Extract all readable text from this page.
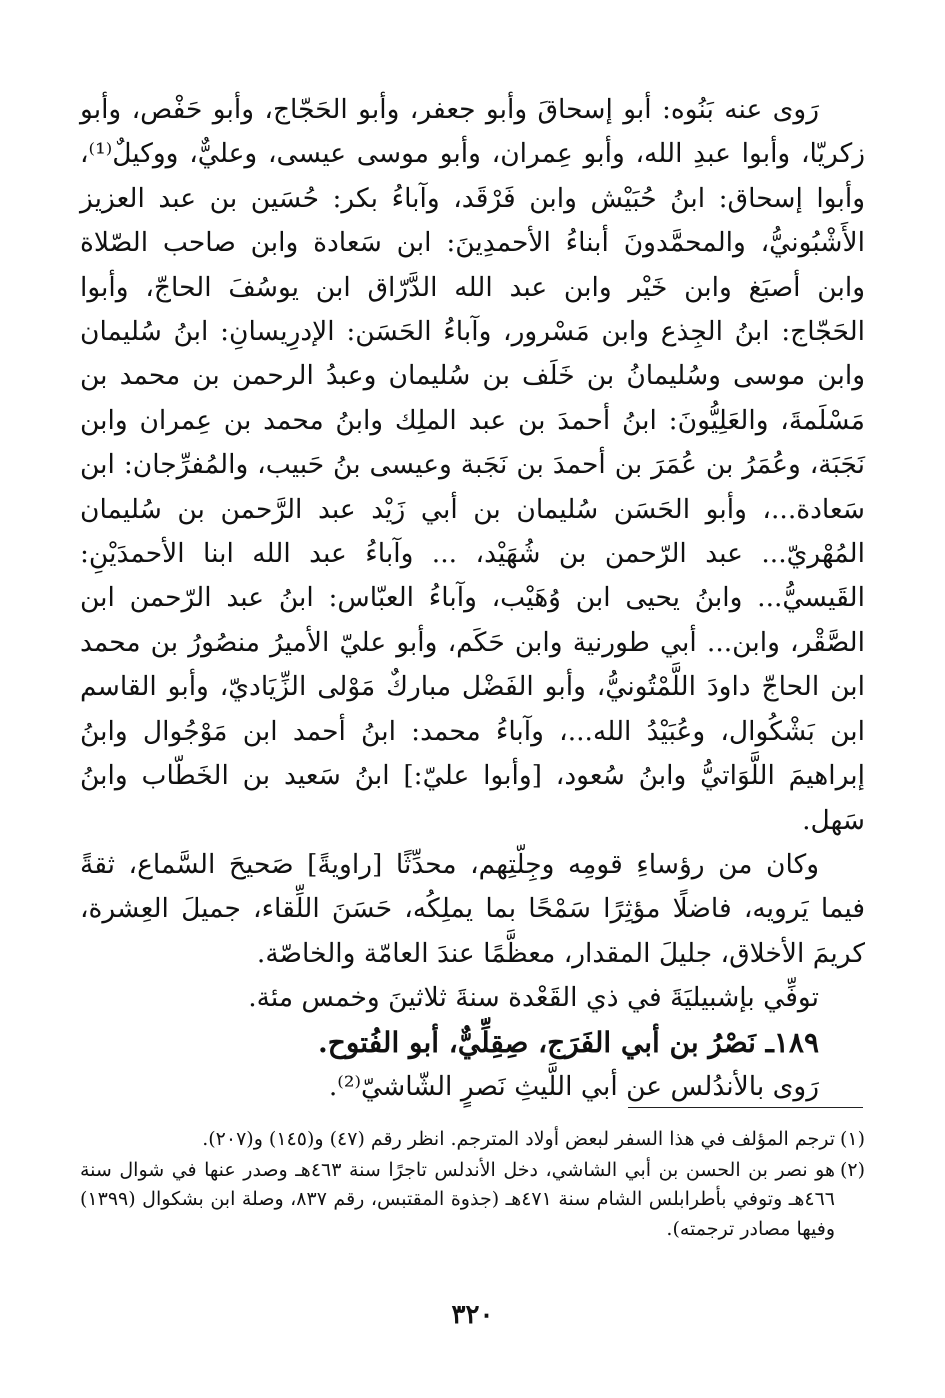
رَوى عنه بَنُوه: أبو إسحاقَ وأبو جعفر، وأبو الحَجّاج، وأبو حَفْص، وأبو زكريّا، وأبوا عبدِ الله، وأبو عِمران، وأبو موسى عيسى، وعليٌّ، ووكيلٌ⁽¹⁾، وأبوا إسحاق: ابنُ حُبَيْش وابن فَرْقَد، وآباءُ بكر: حُسَين بن عبد العزيز الأَشْبُونيُّ، والمحمَّدونَ أبناءُ الأحمدِينَ: ابن سَعادة وابن صاحب الصّلاة وابن أصبَغ وابن خَيْر وابن عبد الله الدَّرّاق ابن يوسُفَ الحاجّ، وأبوا الحَجّاج: ابنُ الجِذع وابن مَسْرور، وآباءُ الحَسَن: الإدرِيسانِ: ابنُ سُليمان وابن موسى وسُليمانُ بن خَلَف بن سُليمان وعبدُ الرحمن بن محمد بن مَسْلَمةَ، والعَلِيُّونَ: ابنُ أحمدَ بن عبد الملِك وابنُ محمد بن عِمران وابن نَجَبَة، وعُمَرُ بن عُمَرَ بن أحمدَ بن نَجَبة وعيسى بنُ حَبيب، والمُفرِّجان: ابن سَعادة...، وأبو الحَسَن سُليمان بن أبي زَيْد عبد الرَّحمن بن سُليمان المُهْريّ... عبد الرّحمن بن شُهَيْد، ... وآباءُ عبد الله ابنا الأحمدَيْنِ: القَيسيُّ... وابنُ يحيى ابن وُهَيْب، وآباءُ العبّاس: ابنُ عبد الرّحمن ابن الصَّقْر، وابن... أبي طورنية وابن حَكَم، وأبو عليّ الأميرُ منصُورُ بن محمد ابن الحاجّ داودَ اللَّمْتُونيُّ، وأبو الفَضْل مباركٌ مَوْلى الزِّيَاديّ، وأبو القاسم ابن بَشْكُوال، وعُبَيْدُ الله...، وآباءُ محمد: ابنُ أحمد ابن مَوْجُوال وابنُ إبراهيمَ اللَّوَاتيُّ وابنُ سُعود، [وأبوا عليّ:] ابنُ سَعيد بن الخَطّاب وابنُ سَهل.

وكان من رؤساءِ قومِه وجِلّتِهم، محدِّثًا [راويةً] صَحيحَ السَّماع، ثقةً فيما يَرويه، فاضلًا مؤثِرًا سَمْحًا بما يملِكُه، حَسَنَ اللِّقاء، جميلَ العِشرة، كريمَ الأخلاق، جليلَ المقدار، معظَّمًا عندَ العامّة والخاصّة.

توفِّي بإشبيليَةَ في ذي القَعْدة سنةَ ثلاثينَ وخمس مئة.

١٨٩ـ نَصْرُ بن أبي الفَرَج، صِقِلِّيٌّ، أبو الفُتوح.

رَوى بالأندُلس عن أبي اللَّيثِ نَصرٍ الشّاشيّ⁽²⁾.

(١)ترجم المؤلف في هذا السفر لبعض أولاد المترجم. انظر رقم (٤٧) و(١٤٥) و(٢٠٧).

(٢)هو نصر بن الحسن بن أبي الشاشي، دخل الأندلس تاجرًا سنة ٤٦٣هـ وصدر عنها في شوال سنة ٤٦٦هـ وتوفي بأطرابلس الشام سنة ٤٧١هـ (جذوة المقتبس، رقم ٨٣٧، وصلة ابن بشكوال (١٣٩٩) وفيها مصادر ترجمته).

٣٢٠
